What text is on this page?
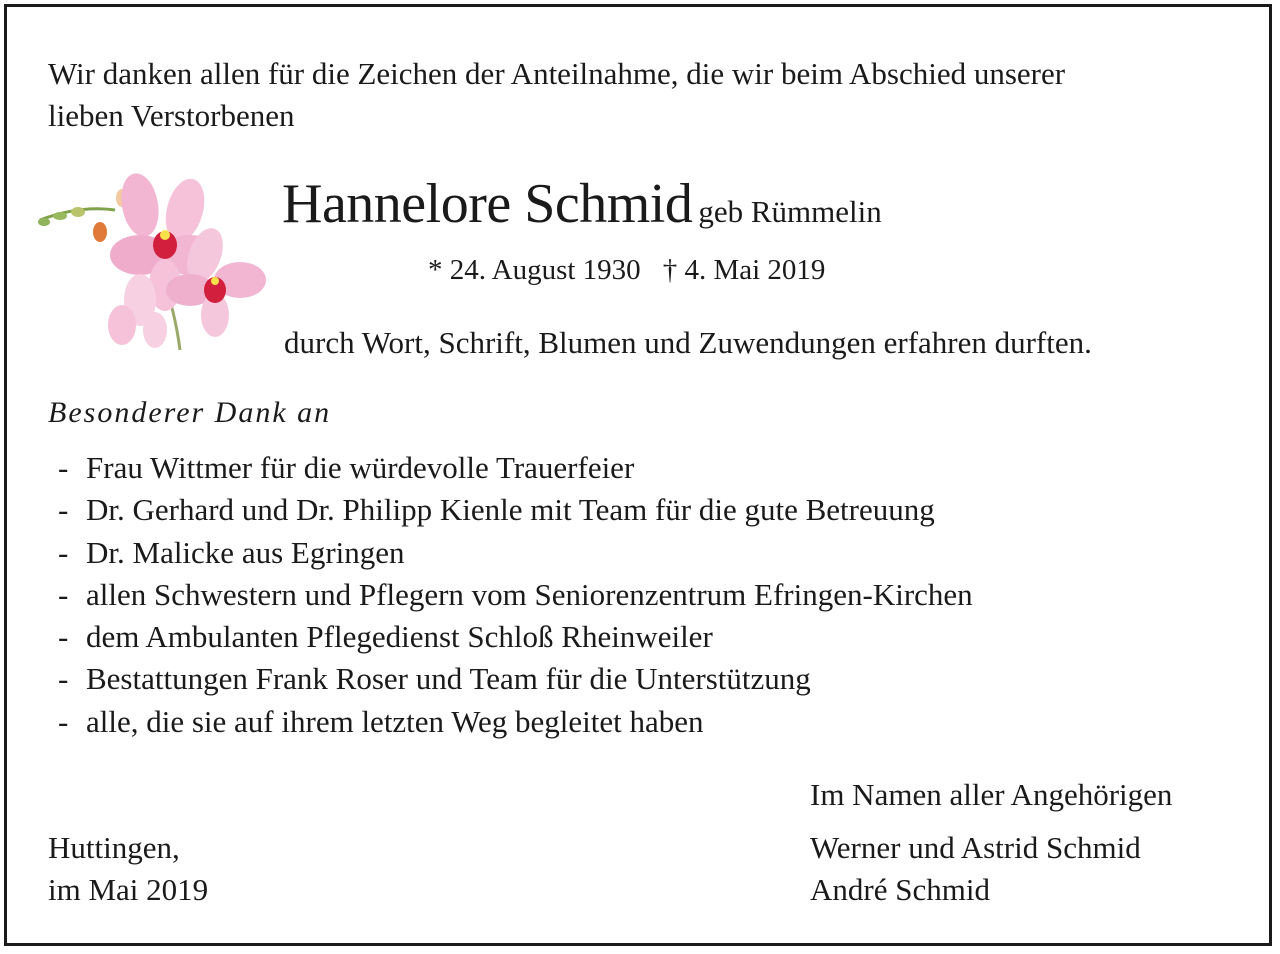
Wir danken allen für die Zeichen der Anteilnahme, die wir beim Abschied unserer
lieben Verstorbenen
Hannelore Schmid geb Rümmelin
* 24. August 1930 † 4. Mai 2019
durch Wort, Schrift, Blumen und Zuwendungen erfahren durften.
Besonderer Dank an
- Frau Wittmer für die würdevolle Trauerfeier
- Dr. Gerhard und Dr. Philipp Kienle mit Team für die gute Betreuung
- Dr. Malicke aus Egringen
- allen Schwestern und Pflegern vom Seniorenzentrum Efringen-Kirchen
- dem Ambulanten Pflegedienst Schloß Rheinweiler
- Bestattungen Frank Roser und Team für die Unterstützung
- alle, die sie auf ihrem letzten Weg begleitet haben
Im Namen aller Angehörigen
Huttingen,
im Mai 2019
Werner und Astrid Schmid
André Schmid
